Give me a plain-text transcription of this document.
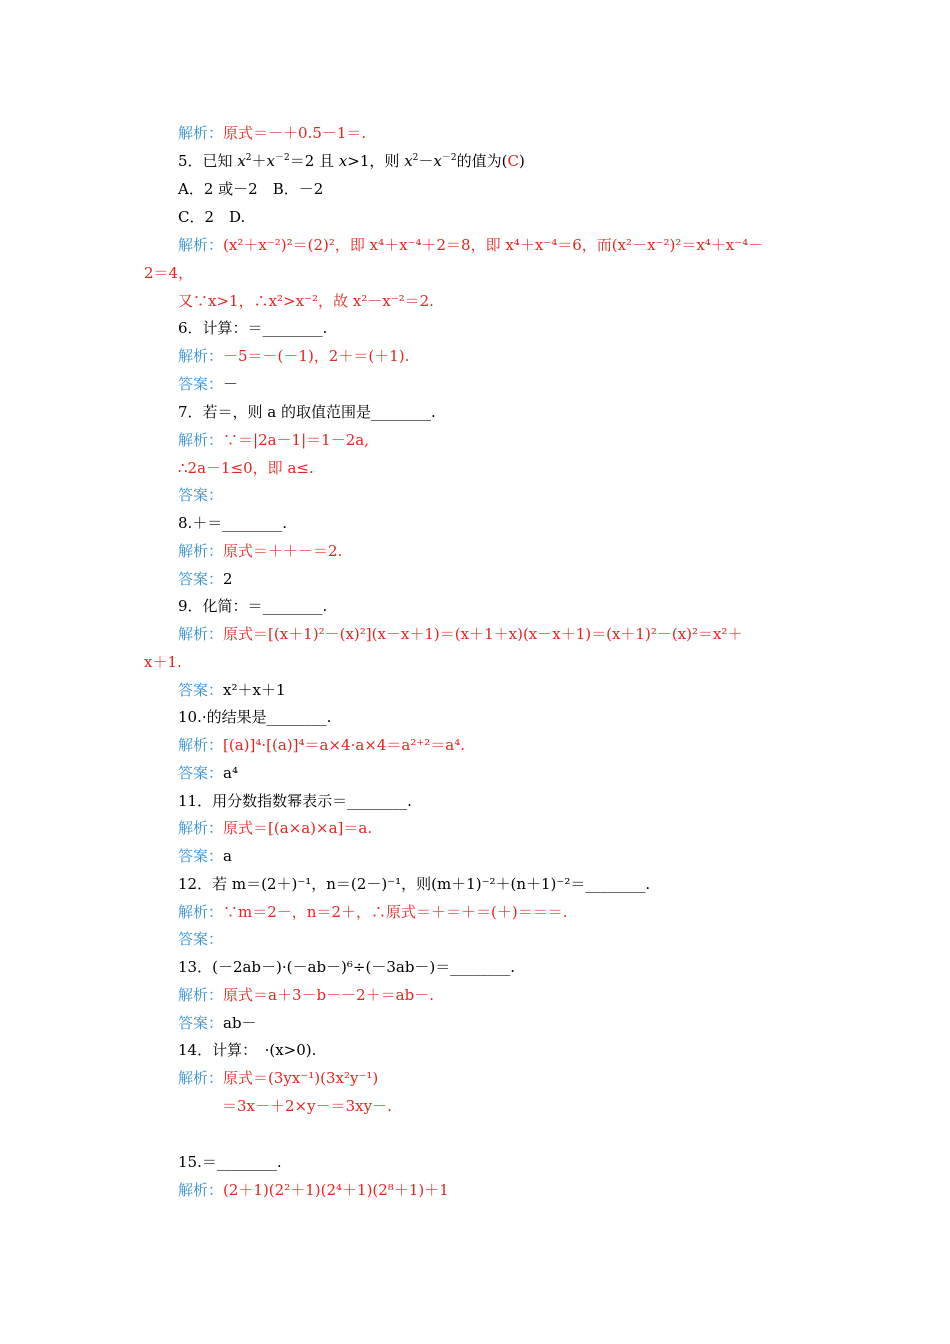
解析：原式＝－＋0.5－1＝.
5．已知 $x^2+x^{-2}=2$ 且 x>1，则 $x^2-x^{-2}$的值为(C)
A．2 或－2　B．－2
C．2　D.
解析：(x²＋x⁻²)²＝(2)²，即 x⁴＋x⁻⁴＋2＝8，即 x⁴＋x⁻⁴＝6，而(x²－x⁻²)²＝x⁴＋x⁻⁴－
2＝4，
又∵x>1，∴x²>x⁻²，故 x²－x⁻²＝2.
6．计算：＝________.
解析：－5＝－(－1)，2＋＝(＋1).
答案：－
7．若＝，则 a 的取值范围是________.
解析：∵＝|2a－1|＝1－2a,
∴2a－1≤0，即 a≤.
答案：
8.＋＝________.
解析：原式＝＋＋－＝2.
答案：2
9．化简：＝________.
解析：原式＝[(x＋1)²－(x)²](x－x＋1)＝(x＋1＋x)(x－x＋1)＝(x＋1)²－(x)²＝x²＋
x＋1.
答案：x²＋x＋1
10.·的结果是________.
解析：[(a)]⁴·[(a)]⁴＝a×4·a×4＝a²⁺²＝a⁴.
答案：a⁴
11．用分数指数幂表示＝________.
解析：原式＝[(a×a)×a]＝a.
答案：a
12．若 m＝(2＋)⁻¹，n＝(2－)⁻¹，则(m＋1)⁻²＋(n＋1)⁻²＝________.
解析：∵m＝2－，n＝2＋，∴原式＝＋＝＋＝(＋)＝＝＝.
答案：
13．(－2ab－)·(－ab－)⁶÷(－3ab－)＝________.
解析：原式＝a＋3－b－－2＋＝ab－.
答案：ab－
14．计算：　·(x>0).
解析：原式＝(3yx⁻¹)(3x²y⁻¹)
＝3x－＋2×y－＝3xy－.
15.＝________.
解析：(2＋1)(2²＋1)(2⁴＋1)(2⁸＋1)＋1
